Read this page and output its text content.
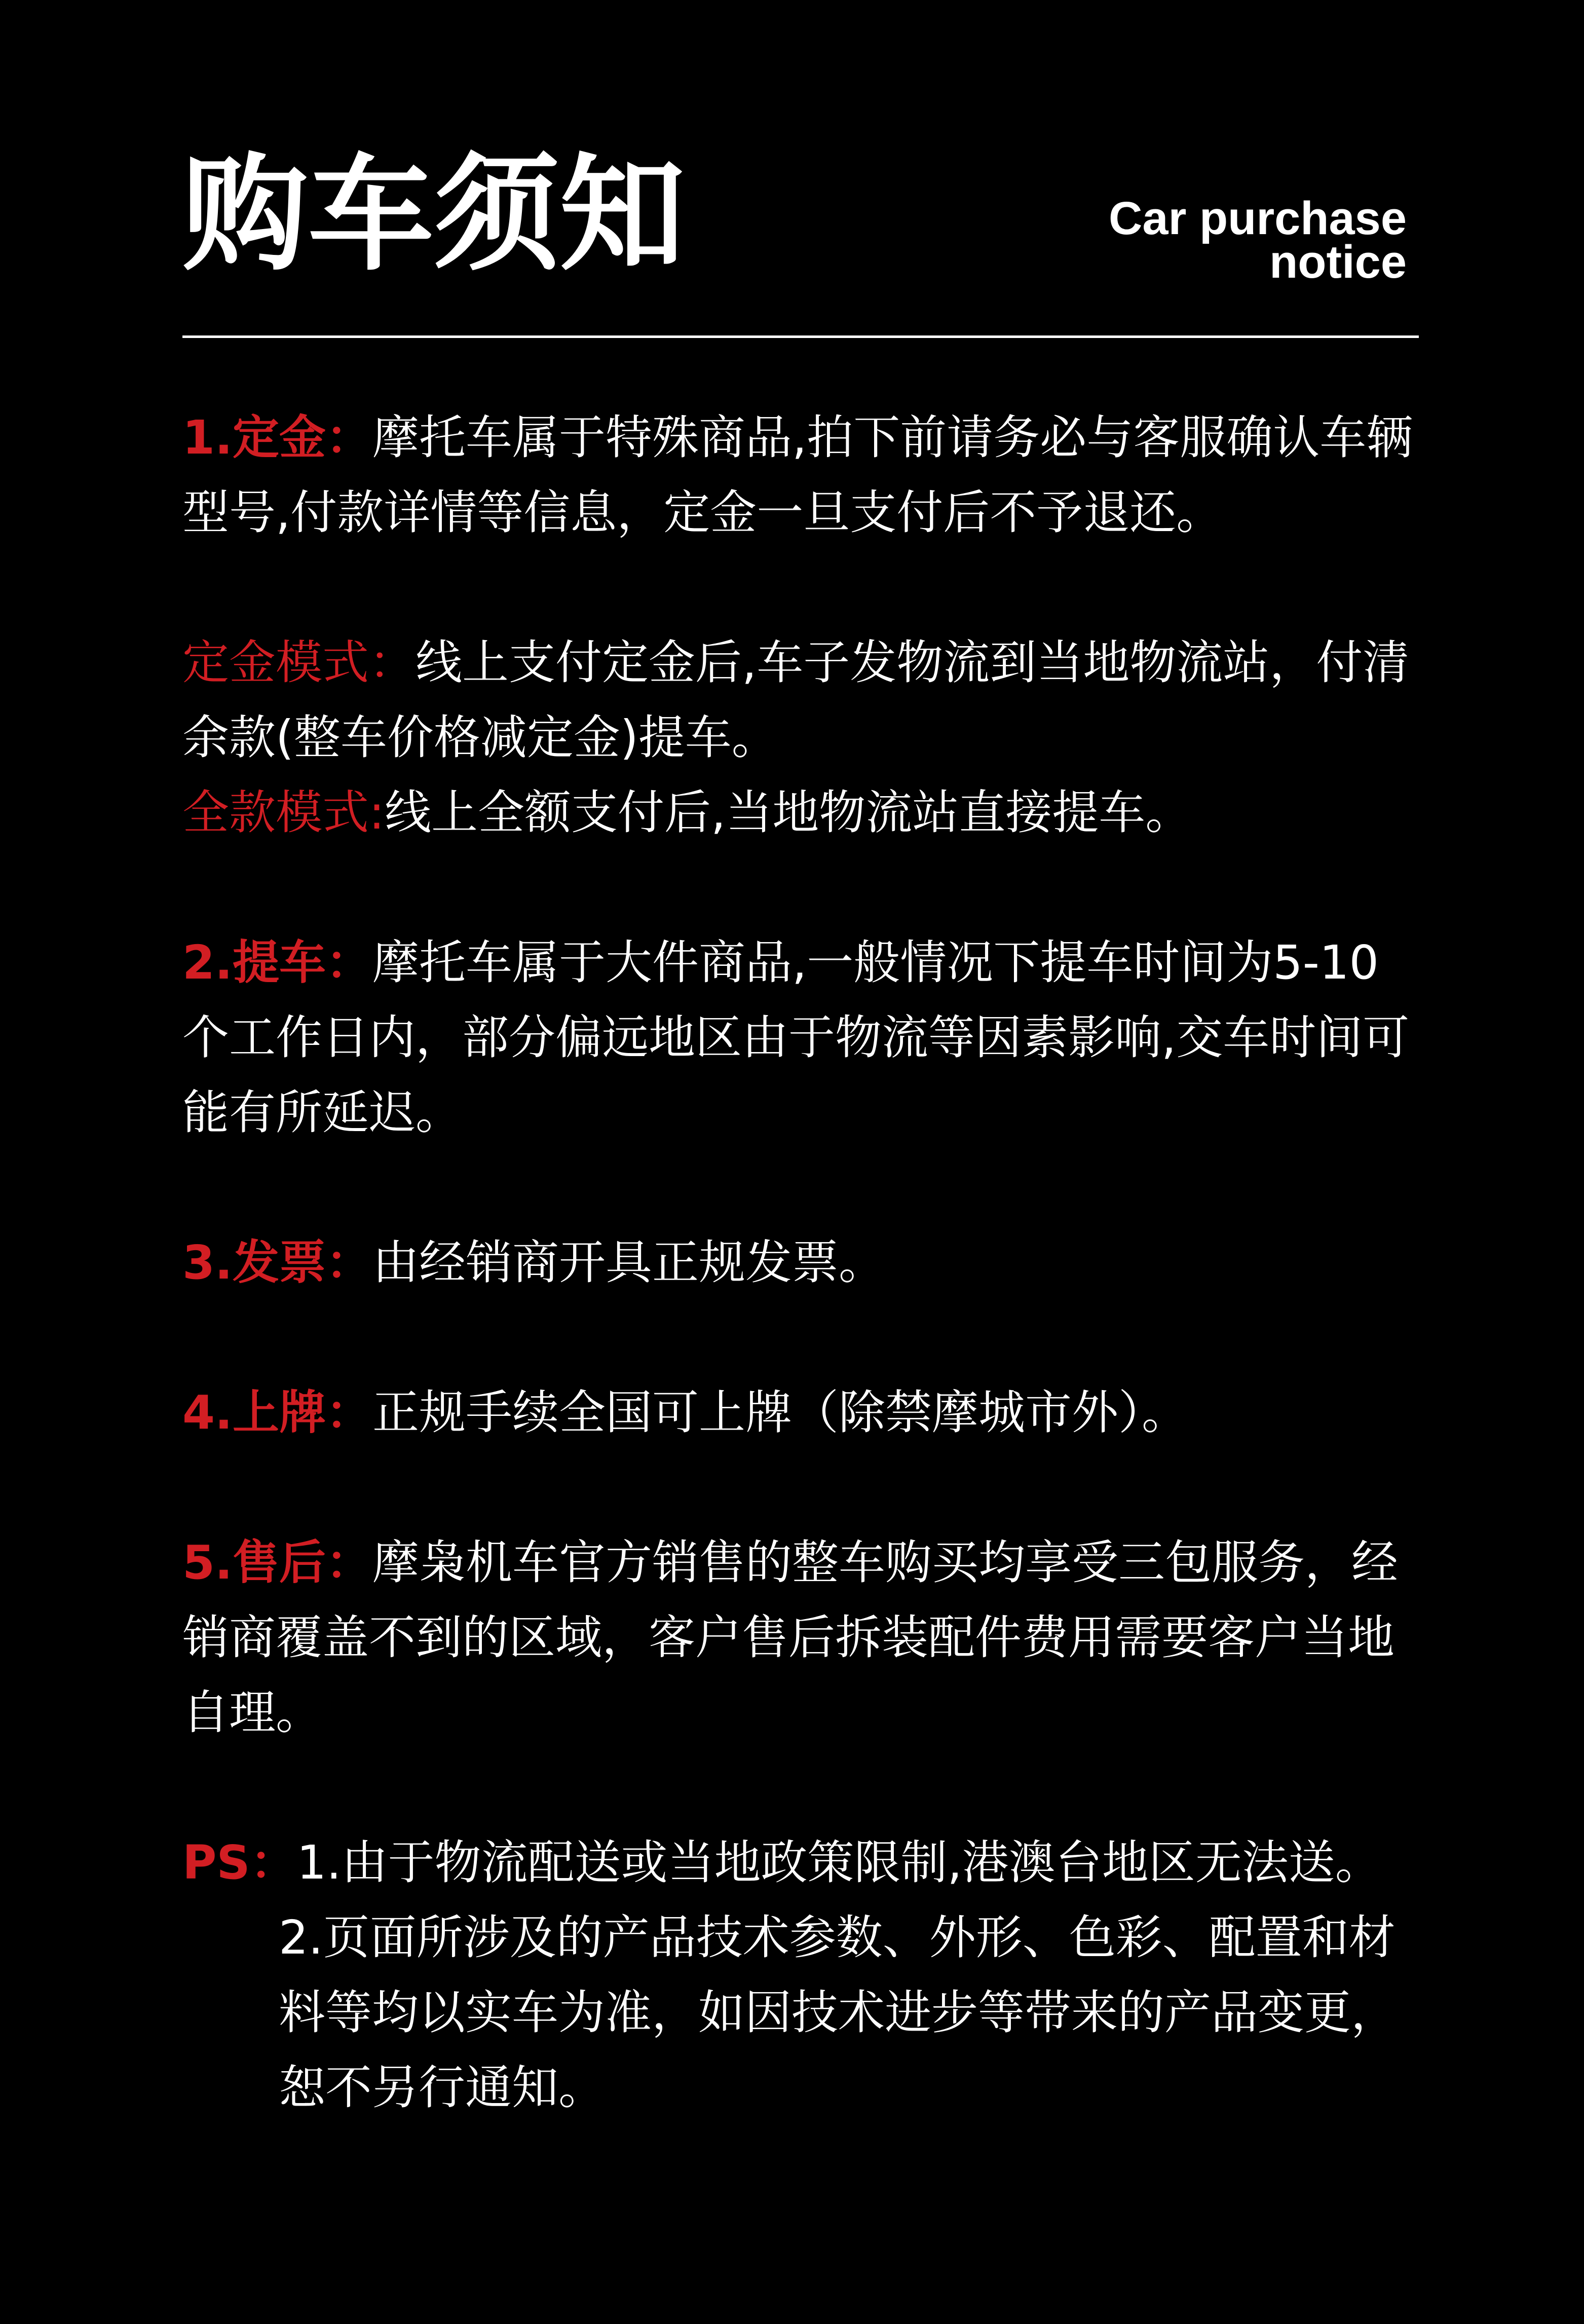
购车须知	Car purchase
notice

1.定金：摩托车属于特殊商品,拍下前请务必与客服确认车辆型号,付款详情等信息，定金一旦支付后不予退还。

定金模式：线上支付定金后,车子发物流到当地物流站，付清余款(整车价格减定金)提车。

全款模式:线上全额支付后,当地物流站直接提车。

2.提车：摩托车属于大件商品,一般情况下提车时间为5-10个工作日内，部分偏远地区由于物流等因素影响,交车时间可能有所延迟。

3.发票：由经销商开具正规发票。

4.上牌：正规手续全国可上牌（除禁摩城市外）。

5.售后：摩枭机车官方销售的整车购买均享受三包服务，经销商覆盖不到的区域，客户售后拆装配件费用需要客户当地自理。

PS：1.由于物流配送或当地政策限制,港澳台地区无法送。

2.页面所涉及的产品技术参数、外形、色彩、配置和材料等均以实车为准，如因技术进步等带来的产品变更，恕不另行通知。
